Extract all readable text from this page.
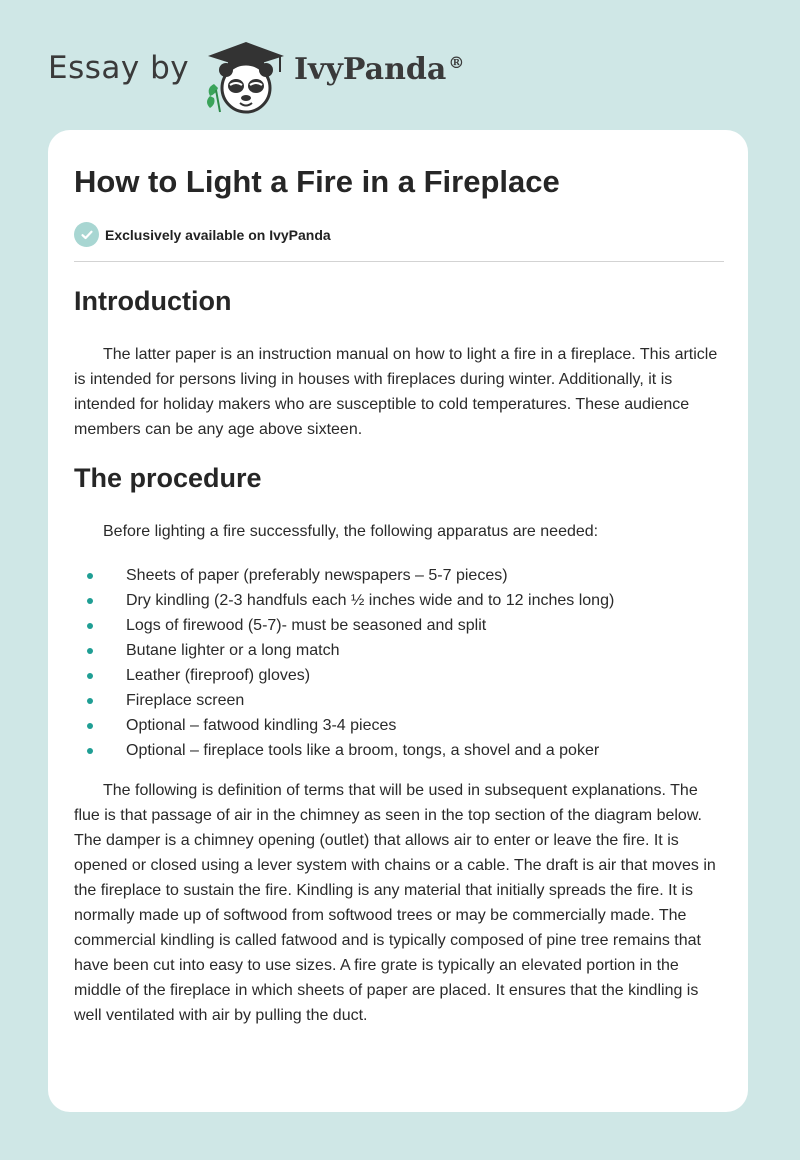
Essay by	IvyPanda ®
How to Light a Fire in a Fireplace
Exclusively available on IvyPanda
Introduction

The latter paper is an instruction manual on how to light a fire in a fireplace. This article is intended for persons living in houses with fireplaces during winter. Additionally, it is intended for holiday makers who are susceptible to cold temperatures. These audience members can be any age above sixteen.

The procedure

Before lighting a fire successfully, the following apparatus are needed:

Sheets of paper (preferably newspapers – 5-7 pieces)
Dry kindling (2-3 handfuls each ½ inches wide and to 12 inches long)
Logs of firewood (5-7)- must be seasoned and split
Butane lighter or a long match
Leather (fireproof) gloves)
Fireplace screen
Optional – fatwood kindling 3-4 pieces
Optional – fireplace tools like a broom, tongs, a shovel and a poker

The following is definition of terms that will be used in subsequent explanations. The flue is that passage of air in the chimney as seen in the top section of the diagram below. The damper is a chimney opening (outlet) that allows air to enter or leave the fire. It is opened or closed using a lever system with chains or a cable. The draft is air that moves in the fireplace to sustain the fire. Kindling is any material that initially spreads the fire. It is normally made up of softwood from softwood trees or may be commercially made. The commercial kindling is called fatwood and is typically composed of pine tree remains that have been cut into easy to use sizes. A fire grate is typically an elevated portion in the middle of the fireplace in which sheets of paper are placed. It ensures that the kindling is well ventilated with air by pulling the duct.
